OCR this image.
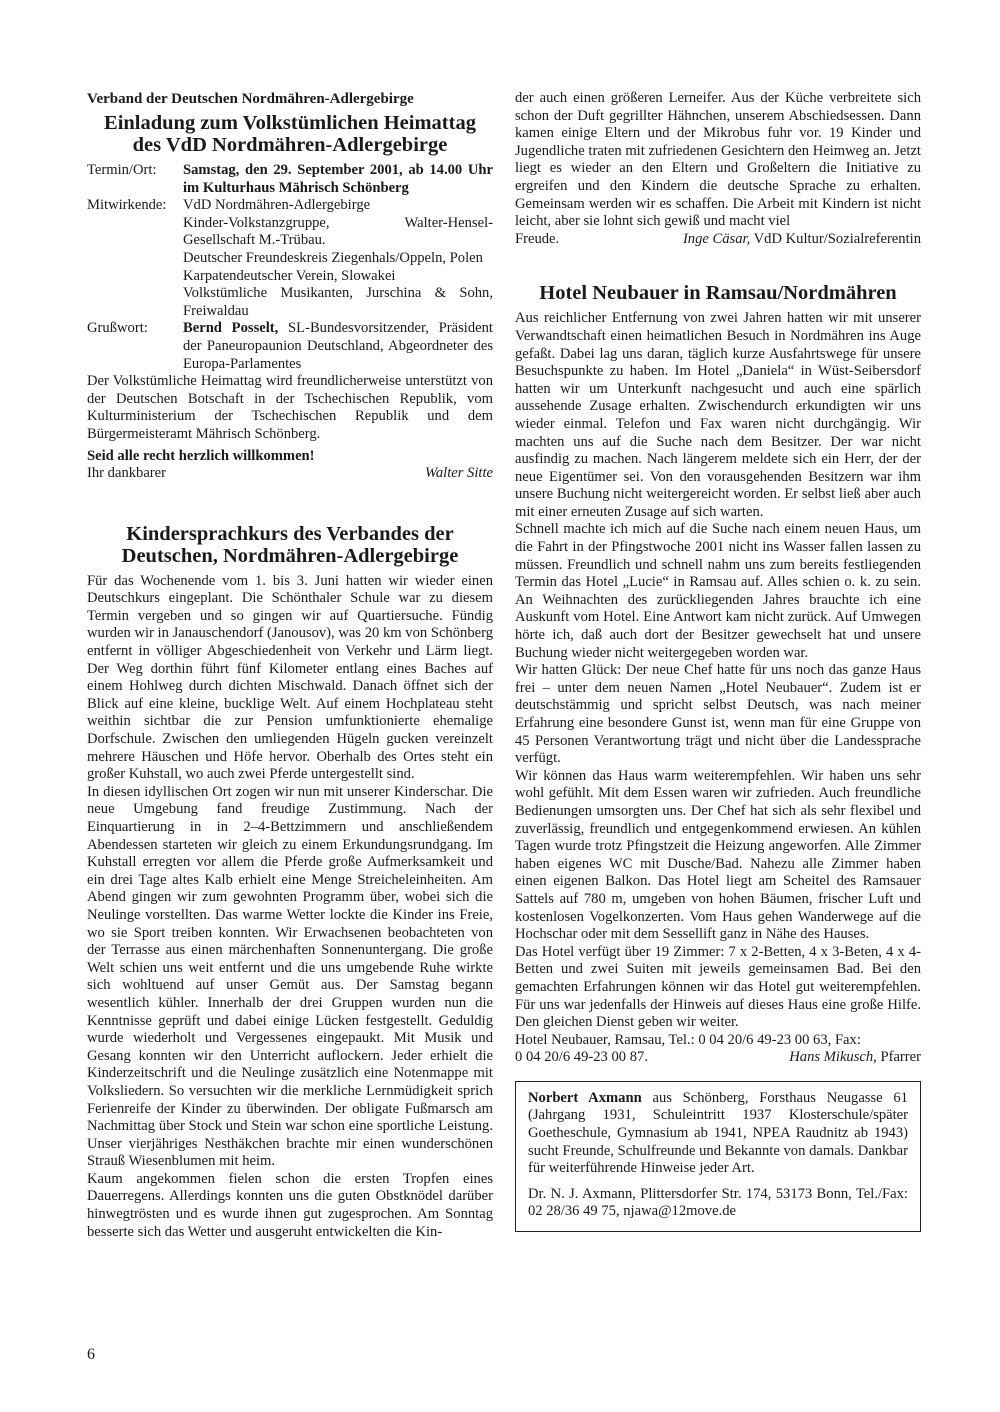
Verband der Deutschen Nordmähren-Adlergebirge

Einladung zum Volkstümlichen Heimattag
des VdD Nordmähren-Adlergebirge
Termin/Ort:	Samstag, den 29. September 2001, ab 14.00 Uhr im Kulturhaus Mährisch Schönberg
Mitwirkende:	VdD Nordmähren-Adlergebirge
Kinder-Volkstanzgruppe, Walter-Hensel-Gesellschaft M.-Trübau.
Deutscher Freundeskreis Ziegenhals/Oppeln, Polen
Karpatendeutscher Verein, Slowakei
Volkstümliche Musikanten, Jurschina & Sohn, Freiwaldau
Grußwort:	Bernd Posselt, SL-Bundesvorsitzender, Präsident der Paneuropaunion Deutschland, Abgeordneter des Europa-Parlamentes

Der Volkstümliche Heimattag wird freundlicherweise unterstützt von der Deutschen Botschaft in der Tschechischen Republik, vom Kulturministerium der Tschechischen Republik und dem Bürgermeisteramt Mährisch Schönberg.

Seid alle recht herzlich willkommen!

Ihr dankbarer	Walter Sitte
Kindersprachkurs des Verbandes der Deutschen, Nordmähren-Adlergebirge

Für das Wochenende vom 1. bis 3. Juni hatten wir wieder einen Deutschkurs eingeplant. Die Schönthaler Schule war zu diesem Termin vergeben und so gingen wir auf Quartiersuche. Fündig wurden wir in Janauschendorf (Janousov), was 20 km von Schönberg entfernt in völliger Abgeschiedenheit von Verkehr und Lärm liegt. Der Weg dorthin führt fünf Kilometer entlang eines Baches auf einem Hohlweg durch dichten Mischwald. Danach öffnet sich der Blick auf eine kleine, bucklige Welt. Auf einem Hochplateau steht weithin sichtbar die zur Pension umfunktionierte ehemalige Dorfschule. Zwischen den umliegenden Hügeln gucken vereinzelt mehrere Häuschen und Höfe hervor. Oberhalb des Ortes steht ein großer Kuhstall, wo auch zwei Pferde untergestellt sind.

In diesen idyllischen Ort zogen wir nun mit unserer Kinderschar. Die neue Umgebung fand freudige Zustimmung. Nach der Einquartierung in in 2–4-Bettzimmern und anschließendem Abendessen starteten wir gleich zu einem Erkundungsrundgang. Im Kuhstall erregten vor allem die Pferde große Aufmerksamkeit und ein drei Tage altes Kalb erhielt eine Menge Streicheleinheiten. Am Abend gingen wir zum gewohnten Programm über, wobei sich die Neulinge vorstellten. Das warme Wetter lockte die Kinder ins Freie, wo sie Sport treiben konnten. Wir Erwachsenen beobachteten von der Terrasse aus einen märchenhaften Sonnenuntergang. Die große Welt schien uns weit entfernt und die uns umgebende Ruhe wirkte sich wohltuend auf unser Gemüt aus. Der Samstag begann wesentlich kühler. Innerhalb der drei Gruppen wurden nun die Kenntnisse geprüft und dabei einige Lücken festgestellt. Geduldig wurde wiederholt und Vergessenes eingepaukt. Mit Musik und Gesang konnten wir den Unterricht auflockern. Jeder erhielt die Kinderzeitschrift und die Neulinge zusätzlich eine Notenmappe mit Volksliedern. So versuchten wir die merkliche Lernmüdigkeit sprich Ferienreife der Kinder zu überwinden. Der obligate Fußmarsch am Nachmittag über Stock und Stein war schon eine sportliche Leistung. Unser vierjähriges Nesthäkchen brachte mir einen wunderschönen Strauß Wiesenblumen mit heim.

Kaum angekommen fielen schon die ersten Tropfen eines Dauerregens. Allerdings konnten uns die guten Obstknödel darüber hinwegtrösten und es wurde ihnen gut zugesprochen. Am Sonntag besserte sich das Wetter und ausgeruht entwickelten die Kin-

der auch einen größeren Lerneifer. Aus der Küche verbreitete sich schon der Duft gegrillter Hähnchen, unserem Abschiedsessen. Dann kamen einige Eltern und der Mikrobus fuhr vor. 19 Kinder und Jugendliche traten mit zufriedenen Gesichtern den Heimweg an. Jetzt liegt es wieder an den Eltern und Großeltern die Initiative zu ergreifen und den Kindern die deutsche Sprache zu erhalten. Gemeinsam werden wir es schaffen. Die Arbeit mit Kindern ist nicht leicht, aber sie lohnt sich gewiß und macht viel

Freude.	Inge Cäsar, VdD Kultur/Sozialreferentin
Hotel Neubauer in Ramsau/Nordmähren

Aus reichlicher Entfernung von zwei Jahren hatten wir mit unserer Verwandtschaft einen heimatlichen Besuch in Nordmähren ins Auge gefaßt. Dabei lag uns daran, täglich kurze Ausfahrtswege für unsere Besuchspunkte zu haben. Im Hotel „Daniela“ in Wüst-Seibersdorf hatten wir um Unterkunft nachgesucht und auch eine spärlich aussehende Zusage erhalten. Zwischendurch erkundigten wir uns wieder einmal. Telefon und Fax waren nicht durchgängig. Wir machten uns auf die Suche nach dem Besitzer. Der war nicht ausfindig zu machen. Nach längerem meldete sich ein Herr, der der neue Eigentümer sei. Von den vorausgehenden Besitzern war ihm unsere Buchung nicht weitergereicht worden. Er selbst ließ aber auch mit einer erneuten Zusage auf sich warten.

Schnell machte ich mich auf die Suche nach einem neuen Haus, um die Fahrt in der Pfingstwoche 2001 nicht ins Wasser fallen lassen zu müssen. Freundlich und schnell nahm uns zum bereits festliegenden Termin das Hotel „Lucie“ in Ramsau auf. Alles schien o. k. zu sein. An Weihnachten des zurückliegenden Jahres brauchte ich eine Auskunft vom Hotel. Eine Antwort kam nicht zurück. Auf Umwegen hörte ich, daß auch dort der Besitzer gewechselt hat und unsere Buchung wieder nicht weitergegeben worden war.

Wir hatten Glück: Der neue Chef hatte für uns noch das ganze Haus frei – unter dem neuen Namen „Hotel Neubauer“. Zudem ist er deutschstämmig und spricht selbst Deutsch, was nach meiner Erfahrung eine besondere Gunst ist, wenn man für eine Gruppe von 45 Personen Verantwortung trägt und nicht über die Landessprache verfügt.

Wir können das Haus warm weiterempfehlen. Wir haben uns sehr wohl gefühlt. Mit dem Essen waren wir zufrieden. Auch freundliche Bedienungen umsorgten uns. Der Chef hat sich als sehr flexibel und zuverlässig, freundlich und entgegenkommend erwiesen. An kühlen Tagen wurde trotz Pfingstzeit die Heizung angeworfen. Alle Zimmer haben eigenes WC mit Dusche/Bad. Nahezu alle Zimmer haben einen eigenen Balkon. Das Hotel liegt am Scheitel des Ramsauer Sattels auf 780 m, umgeben von hohen Bäumen, frischer Luft und kostenlosen Vogelkonzerten. Vom Haus gehen Wanderwege auf die Hochschar oder mit dem Sessellift ganz in Nähe des Hauses.

Das Hotel verfügt über 19 Zimmer: 7 x 2-Betten, 4 x 3-Beten, 4 x 4-Betten und zwei Suiten mit jeweils gemeinsamen Bad. Bei den gemachten Erfahrungen können wir das Hotel gut weiterempfehlen. Für uns war jedenfalls der Hinweis auf dieses Haus eine große Hilfe. Den gleichen Dienst geben wir weiter.

Hotel Neubauer, Ramsau, Tel.: 0 04 20/6 49-23 00 63, Fax:

0 04 20/6 49-23 00 87.	Hans Mikusch, Pfarrer

Norbert Axmann aus Schönberg, Forsthaus Neugasse 61 (Jahrgang 1931, Schuleintritt 1937 Klosterschule/später Goetheschule, Gymnasium ab 1941, NPEA Raudnitz ab 1943) sucht Freunde, Schulfreunde und Bekannte von damals. Dankbar für weiterführende Hinweise jeder Art.

Dr. N. J. Axmann, Plittersdorfer Str. 174, 53173 Bonn, Tel./Fax: 02 28/36 49 75, njawa@12move.de

6
